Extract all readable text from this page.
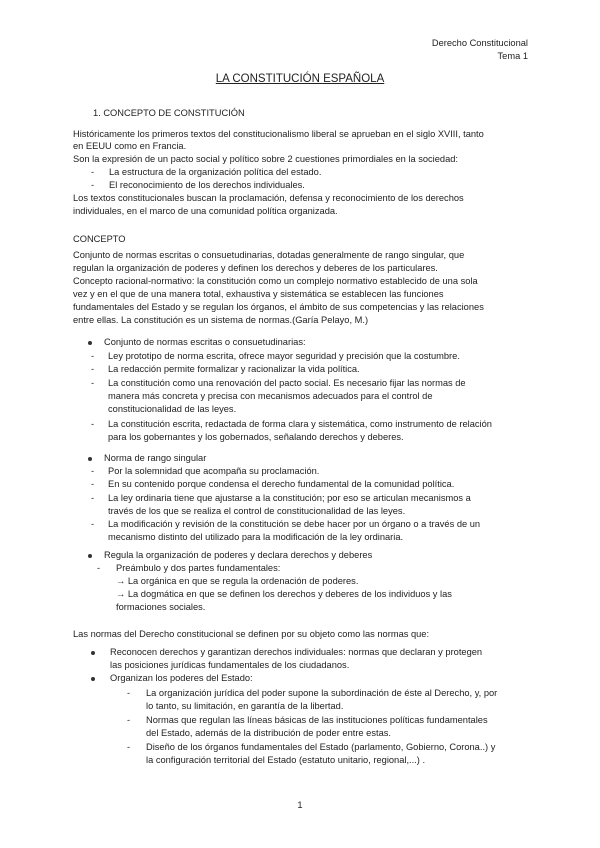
Derecho Constitucional

Tema 1

LA CONSTITUCIÓN ESPAÑOLA

1. CONCEPTO DE CONSTITUCIÓN

Históricamente los primeros textos del constitucionalismo liberal se aprueban en el siglo XVIII, tanto

en EEUU como en Francia.

Son la expresión de un pacto social y político sobre 2 cuestiones primordiales en la sociedad:

- La estructura de la organización política del estado.

- El reconocimiento de los derechos individuales.

Los textos constitucionales buscan la proclamación, defensa y reconocimiento de los derechos

individuales, en el marco de una comunidad política organizada.

CONCEPTO

Conjunto de normas escritas o consuetudinarias, dotadas generalmente de rango singular, que

regulan la organización de poderes y definen los derechos y deberes de los particulares.

Concepto racional-normativo: la constitución como un complejo normativo establecido de una sola

vez y en el que de una manera total, exhaustiva y sistemática se establecen las funciones

fundamentales del Estado y se regulan los órganos, el ámbito de sus competencias y las relaciones

entre ellas. La constitución es un sistema de normas.(Garía Pelayo, M.)

Conjunto de normas escritas o consuetudinarias:

- Ley prototipo de norma escrita, ofrece mayor seguridad y precisión que la costumbre.

- La redacción permite formalizar y racionalizar la vida política.

- La constitución como una renovación del pacto social. Es necesario fijar las normas de

manera más concreta y precisa con mecanismos adecuados para el control de

constitucionalidad de las leyes.

- La constitución escrita, redactada de forma clara y sistemática, como instrumento de relación

para los gobernantes y los gobernados, señalando derechos y deberes.

Norma de rango singular

- Por la solemnidad que acompaña su proclamación.

- En su contenido porque condensa el derecho fundamental de la comunidad política.

- La ley ordinaria tiene que ajustarse a la constitución; por eso se articulan mecanismos a

través de los que se realiza el control de constitucionalidad de las leyes.

- La modificación y revisión de la constitución se debe hacer por un órgano o a través de un

mecanismo distinto del utilizado para la modificación de la ley ordinaria.

Regula la organización de poderes y declara derechos y deberes

- Preámbulo y dos partes fundamentales:

→ La orgánica en que se regula la ordenación de poderes.

→ La dogmática en que se definen los derechos y deberes de los individuos y las

formaciones sociales.

Las normas del Derecho constitucional se definen por su objeto como las normas que:

Reconocen derechos y garantizan derechos individuales: normas que declaran y protegen

las posiciones jurídicas fundamentales de los ciudadanos.

Organizan los poderes del Estado:

- La organización jurídica del poder supone la subordinación de éste al Derecho, y, por

lo tanto, su limitación, en garantía de la libertad.

- Normas que regulan las líneas básicas de las instituciones políticas fundamentales

del Estado, además de la distribución de poder entre estas.

- Diseño de los órganos fundamentales del Estado (parlamento, Gobierno, Corona..) y

la configuración territorial del Estado (estatuto unitario, regional,...) .

1
